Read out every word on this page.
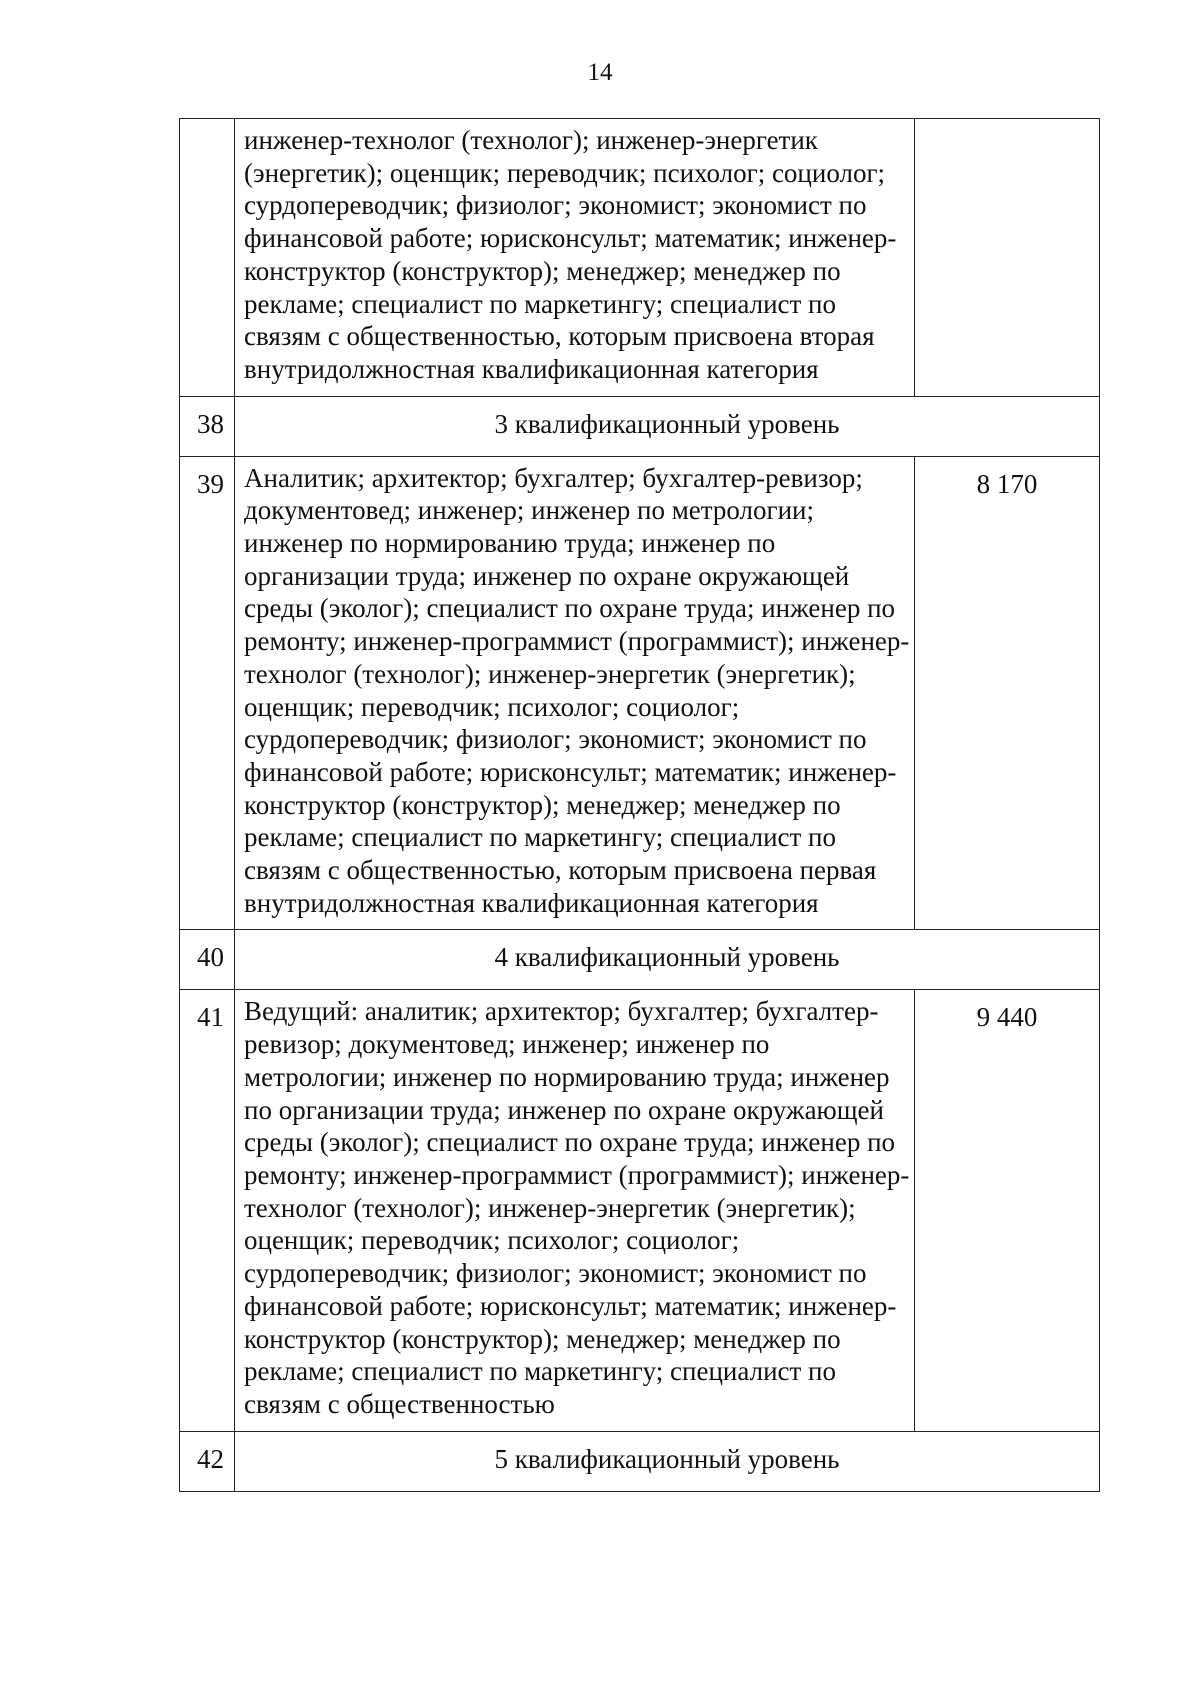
14
	инженер-технолог (технолог); инженер-энергетик (энергетик); оценщик; переводчик; психолог; социолог; сурдопереводчик; физиолог; экономист; экономист по финансовой работе; юрисконсульт; математик; инженер-конструктор (конструктор); менеджер; менеджер по рекламе; специалист по маркетингу; специалист по связям с общественностью, которым присвоена вторая внутридолжностная квалификационная категория	
38	3 квалификационный уровень	
39	Аналитик; архитектор; бухгалтер; бухгалтер-ревизор; документовед; инженер; инженер по метрологии; инженер по нормированию труда; инженер по организации труда; инженер по охране окружающей среды (эколог); специалист по охране труда; инженер по ремонту; инженер-программист (программист); инженер-технолог (технолог); инженер-энергетик (энергетик); оценщик; переводчик; психолог; социолог; сурдопереводчик; физиолог; экономист; экономист по финансовой работе; юрисконсульт; математик; инженер-конструктор (конструктор); менеджер; менеджер по рекламе; специалист по маркетингу; специалист по связям с общественностью, которым присвоена первая внутридолжностная квалификационная категория	8 170
40	4 квалификационный уровень	
41	Ведущий: аналитик; архитектор; бухгалтер; бухгалтер-ревизор; документовед; инженер; инженер по метрологии; инженер по нормированию труда; инженер по организации труда; инженер по охране окружающей среды (эколог); специалист по охране труда; инженер по ремонту; инженер-программист (программист); инженер-технолог (технолог); инженер-энергетик (энергетик); оценщик; переводчик; психолог; социолог; сурдопереводчик; физиолог; экономист; экономист по финансовой работе; юрисконсульт; математик; инженер-конструктор (конструктор); менеджер; менеджер по рекламе; специалист по маркетингу; специалист по связям с общественностью	9 440
42	5 квалификационный уровень	
